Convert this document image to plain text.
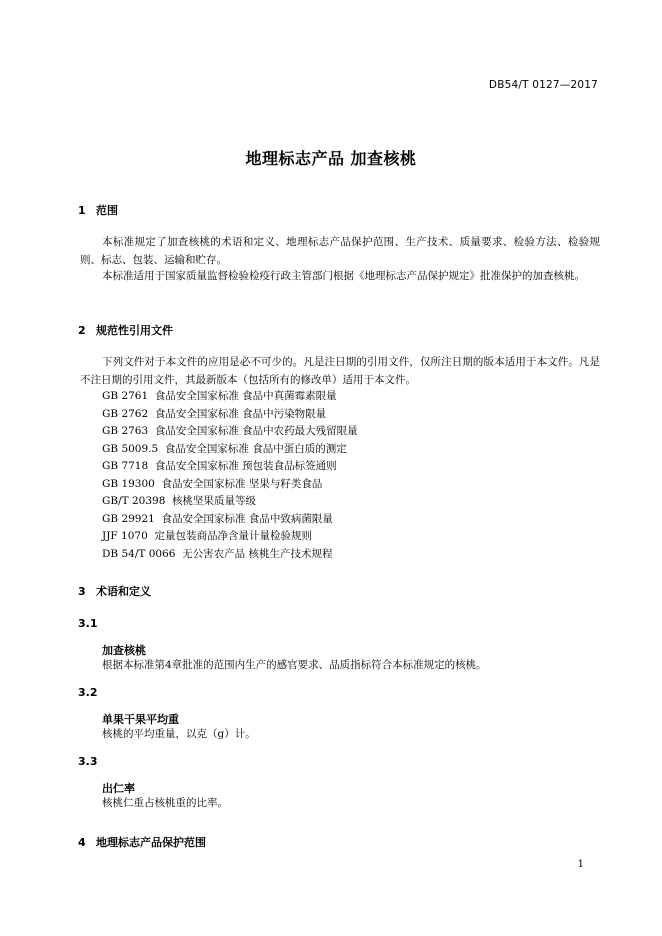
DB54/T 0127—2017
地理标志产品 加查核桃
1 范围

本标准规定了加查核桃的术语和定义、地理标志产品保护范围、生产技术、质量要求、检验方法、检验规则、标志、包装、运输和贮存。

本标准适用于国家质量监督检验检疫行政主管部门根据《地理标志产品保护规定》批准保护的加查核桃。

2 规范性引用文件

下列文件对于本文件的应用是必不可少的。凡是注日期的引用文件，仅所注日期的版本适用于本文件。凡是不注日期的引用文件，其最新版本（包括所有的修改单）适用于本文件。

GB 2761  食品安全国家标准 食品中真菌霉素限量
GB 2762  食品安全国家标准 食品中污染物限量
GB 2763  食品安全国家标准 食品中农药最大残留限量
GB 5009.5  食品安全国家标准 食品中蛋白质的测定
GB 7718  食品安全国家标准 预包装食品标签通则
GB 19300  食品安全国家标准 坚果与籽类食品
GB/T 20398  核桃坚果质量等级
GB 29921  食品安全国家标准 食品中致病菌限量
JJF 1070  定量包装商品净含量计量检验规则
DB 54/T 0066  无公害农产品 核桃生产技术规程
3 术语和定义
3.1
加查核桃
根据本标准第4章批准的范围内生产的感官要求、品质指标符合本标准规定的核桃。
3.2
单果干果平均重
核桃的平均重量，以克（g）计。
3.3
出仁率
核桃仁重占核桃重的比率。
4 地理标志产品保护范围
1
